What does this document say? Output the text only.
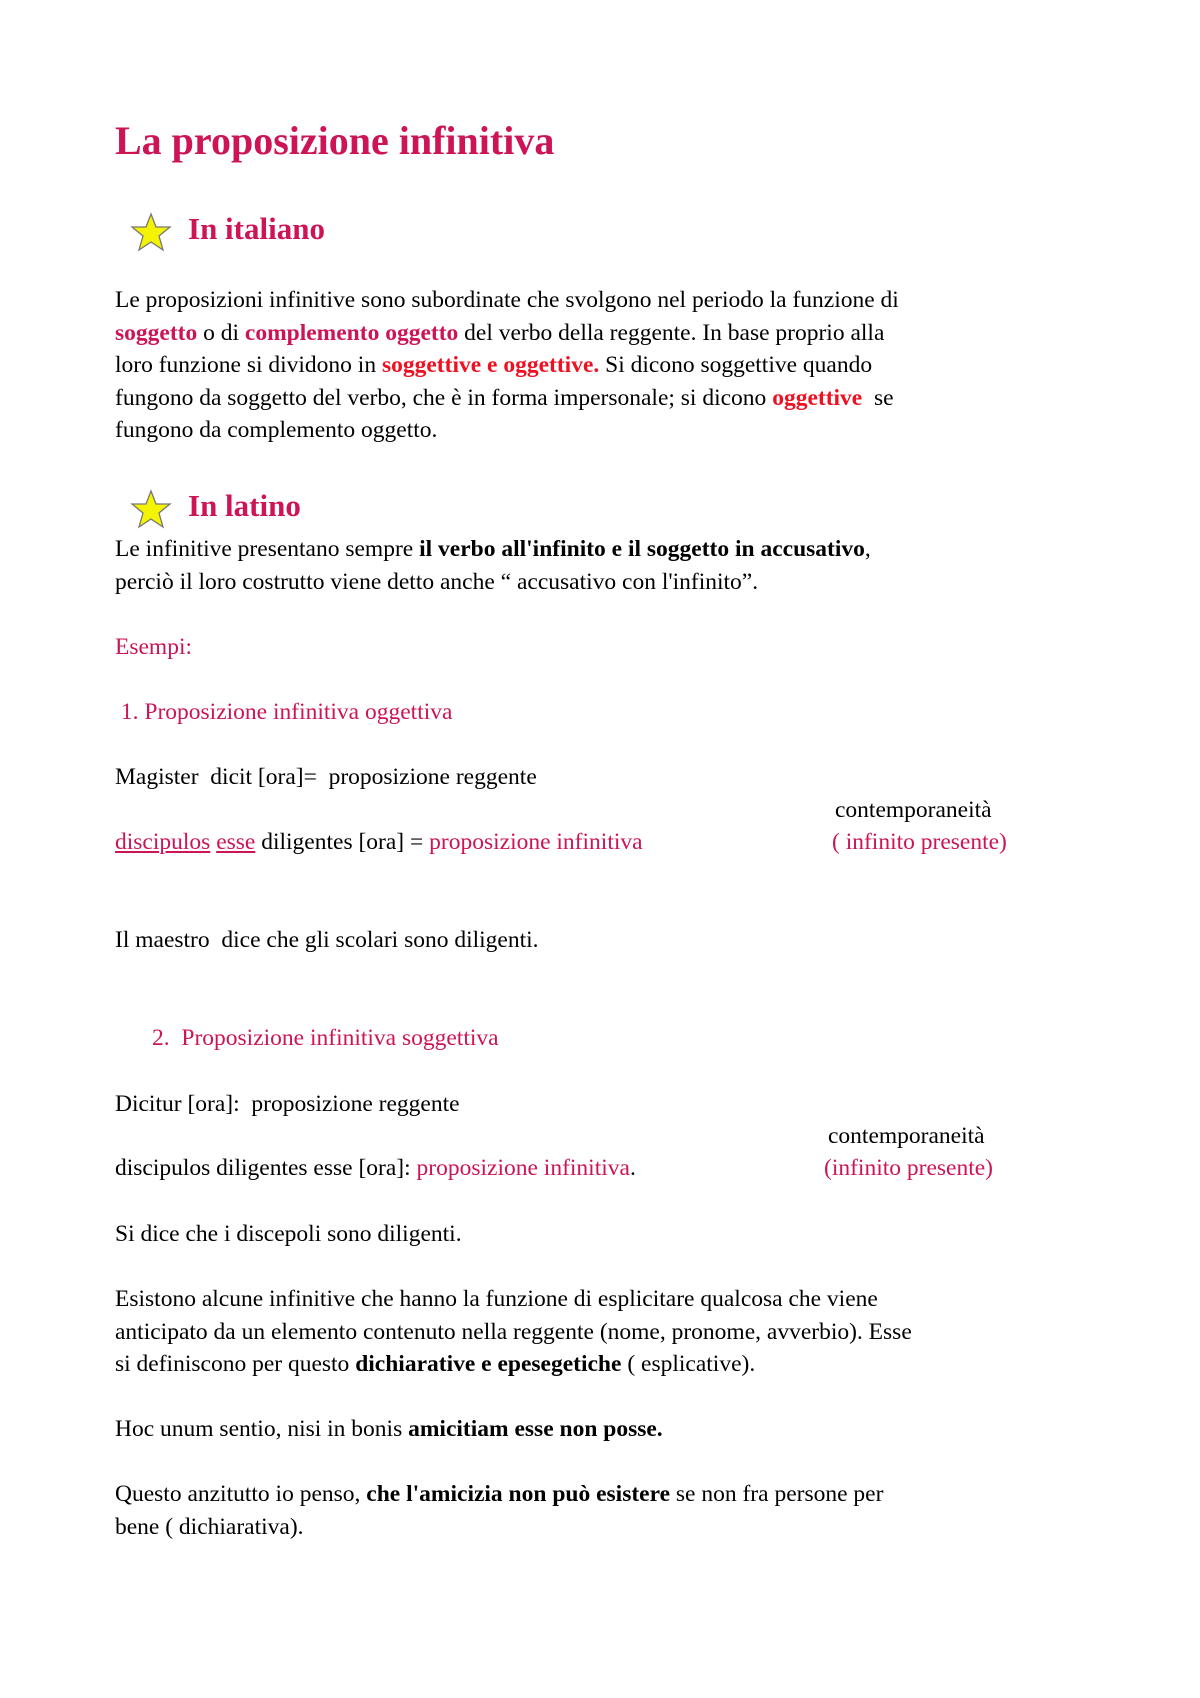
La proposizione infinitiva
In italiano
Le proposizioni infinitive sono subordinate che svolgono nel periodo la funzione di
soggetto o di complemento oggetto del verbo della reggente. In base proprio alla
loro funzione si dividono in soggettive e oggettive. Si dicono soggettive quando
fungono da soggetto del verbo, che è in forma impersonale; si dicono oggettive  se
fungono da complemento oggetto.
In latino
Le infinitive presentano sempre il verbo all'infinito e il soggetto in accusativo,
perciò il loro costrutto viene detto anche “ accusativo con l'infinito”.
Esempi:
1. Proposizione infinitiva oggettiva
Magister  dicit [ora]=  proposizione reggente
contemporaneità
discipulos esse diligentes [ora] = proposizione infinitiva	( infinito presente)
Il maestro  dice che gli scolari sono diligenti.
2.  Proposizione infinitiva soggettiva
Dicitur [ora]:  proposizione reggente
contemporaneità
discipulos diligentes esse [ora]: proposizione infinitiva.	(infinito presente)
Si dice che i discepoli sono diligenti.
Esistono alcune infinitive che hanno la funzione di esplicitare qualcosa che viene
anticipato da un elemento contenuto nella reggente (nome, pronome, avverbio). Esse
si definiscono per questo dichiarative e epesegetiche ( esplicative).
Hoc unum sentio, nisi in bonis amicitiam esse non posse.
Questo anzitutto io penso, che l'amicizia non può esistere se non fra persone per
bene ( dichiarativa).
